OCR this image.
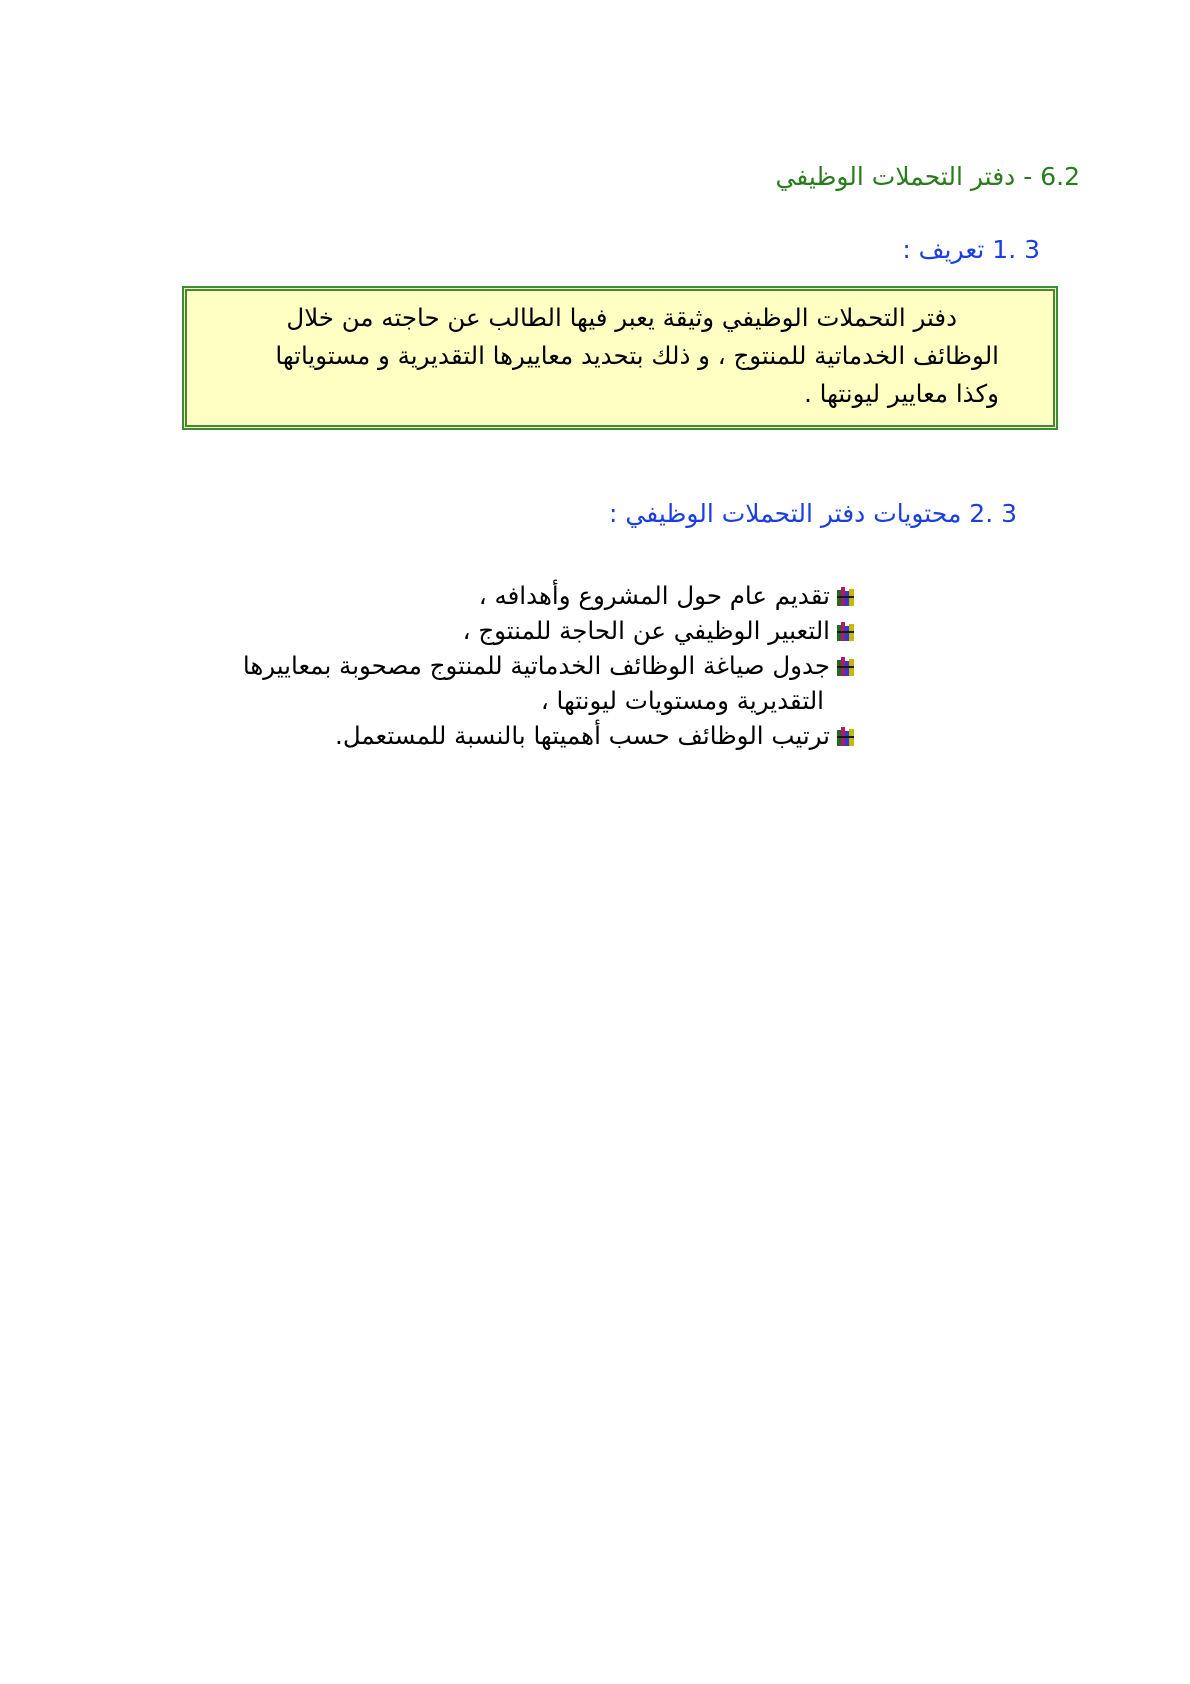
6.2 - دفتر التحملات الوظيفي
3 .1 تعريف :
دفتر التحملات الوظيفي وثيقة يعبر فيها الطالب عن حاجته من خلال
الوظائف الخدماتية للمنتوج ، و ذلك بتحديد معاييرها التقديرية و مستوياتها
وكذا معايير ليونتها .
3 .2 محتويات دفتر التحملات الوظيفي :
تقديم عام حول المشروع وأهدافه ،
التعبير الوظيفي عن الحاجة للمنتوج ،
جدول صياغة الوظائف الخدماتية للمنتوج مصحوبة بمعاييرها
التقديرية ومستويات ليونتها ،
ترتيب الوظائف حسب أهميتها بالنسبة للمستعمل.
